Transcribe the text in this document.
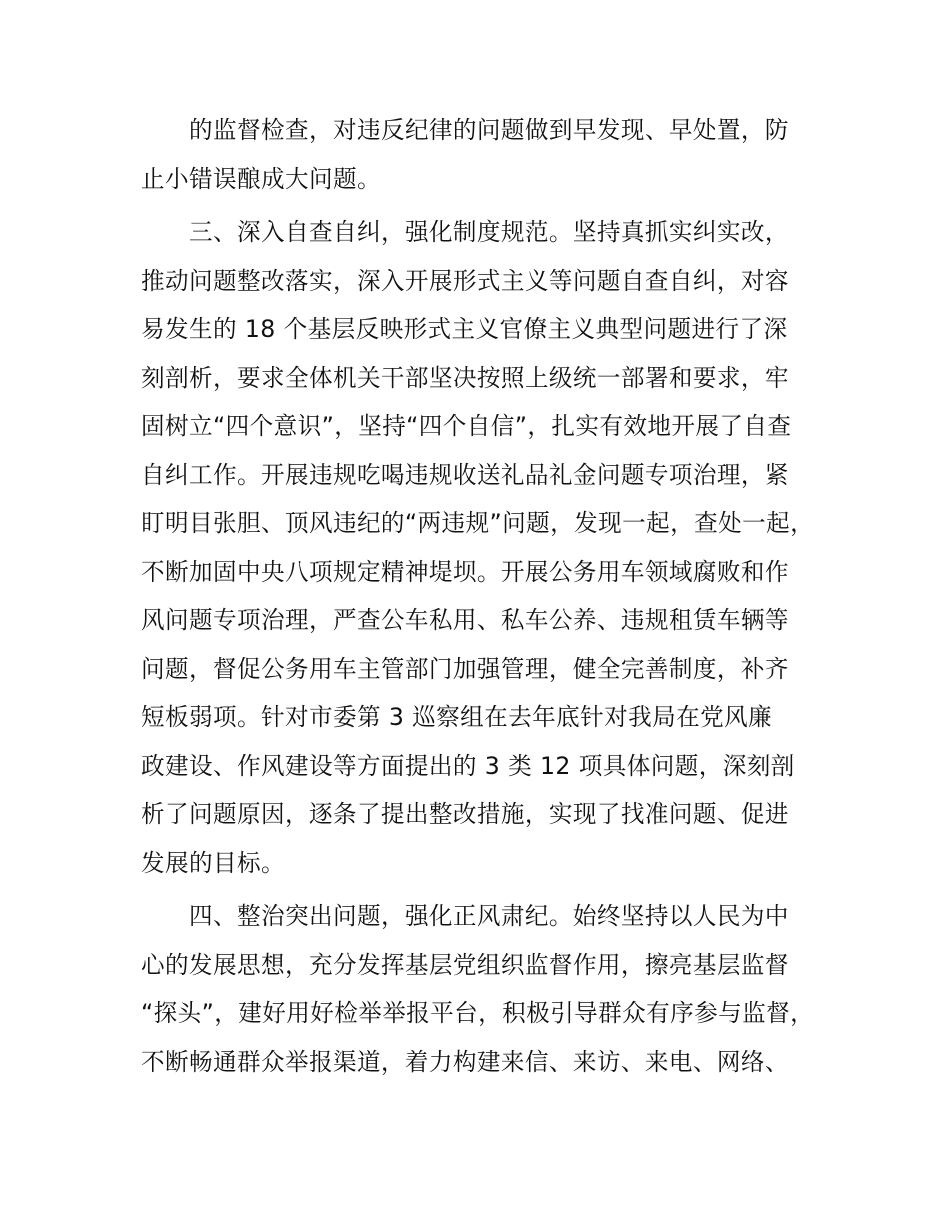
的监督检查，对违反纪律的问题做到早发现、早处置，防
止小错误酿成大问题。
三、深入自查自纠，强化制度规范。坚持真抓实纠实改，
推动问题整改落实，深入开展形式主义等问题自查自纠，对容
易发生的 18 个基层反映形式主义官僚主义典型问题进行了深
刻剖析，要求全体机关干部坚决按照上级统一部署和要求，牢
固树立“四个意识”，坚持“四个自信”，扎实有效地开展了自查
自纠工作。开展违规吃喝违规收送礼品礼金问题专项治理，紧
盯明目张胆、顶风违纪的“两违规”问题，发现一起，查处一起，
不断加固中央八项规定精神堤坝。开展公务用车领域腐败和作
风问题专项治理，严查公车私用、私车公养、违规租赁车辆等
问题，督促公务用车主管部门加强管理，健全完善制度，补齐
短板弱项。针对市委第 3 巡察组在去年底针对我局在党风廉
政建设、作风建设等方面提出的 3 类 12 项具体问题，深刻剖
析了问题原因，逐条了提出整改措施，实现了找准问题、促进
发展的目标。
四、整治突出问题，强化正风肃纪。始终坚持以人民为中
心的发展思想，充分发挥基层党组织监督作用，擦亮基层监督
“探头”，建好用好检举举报平台，积极引导群众有序参与监督，
不断畅通群众举报渠道，着力构建来信、来访、来电、网络、
